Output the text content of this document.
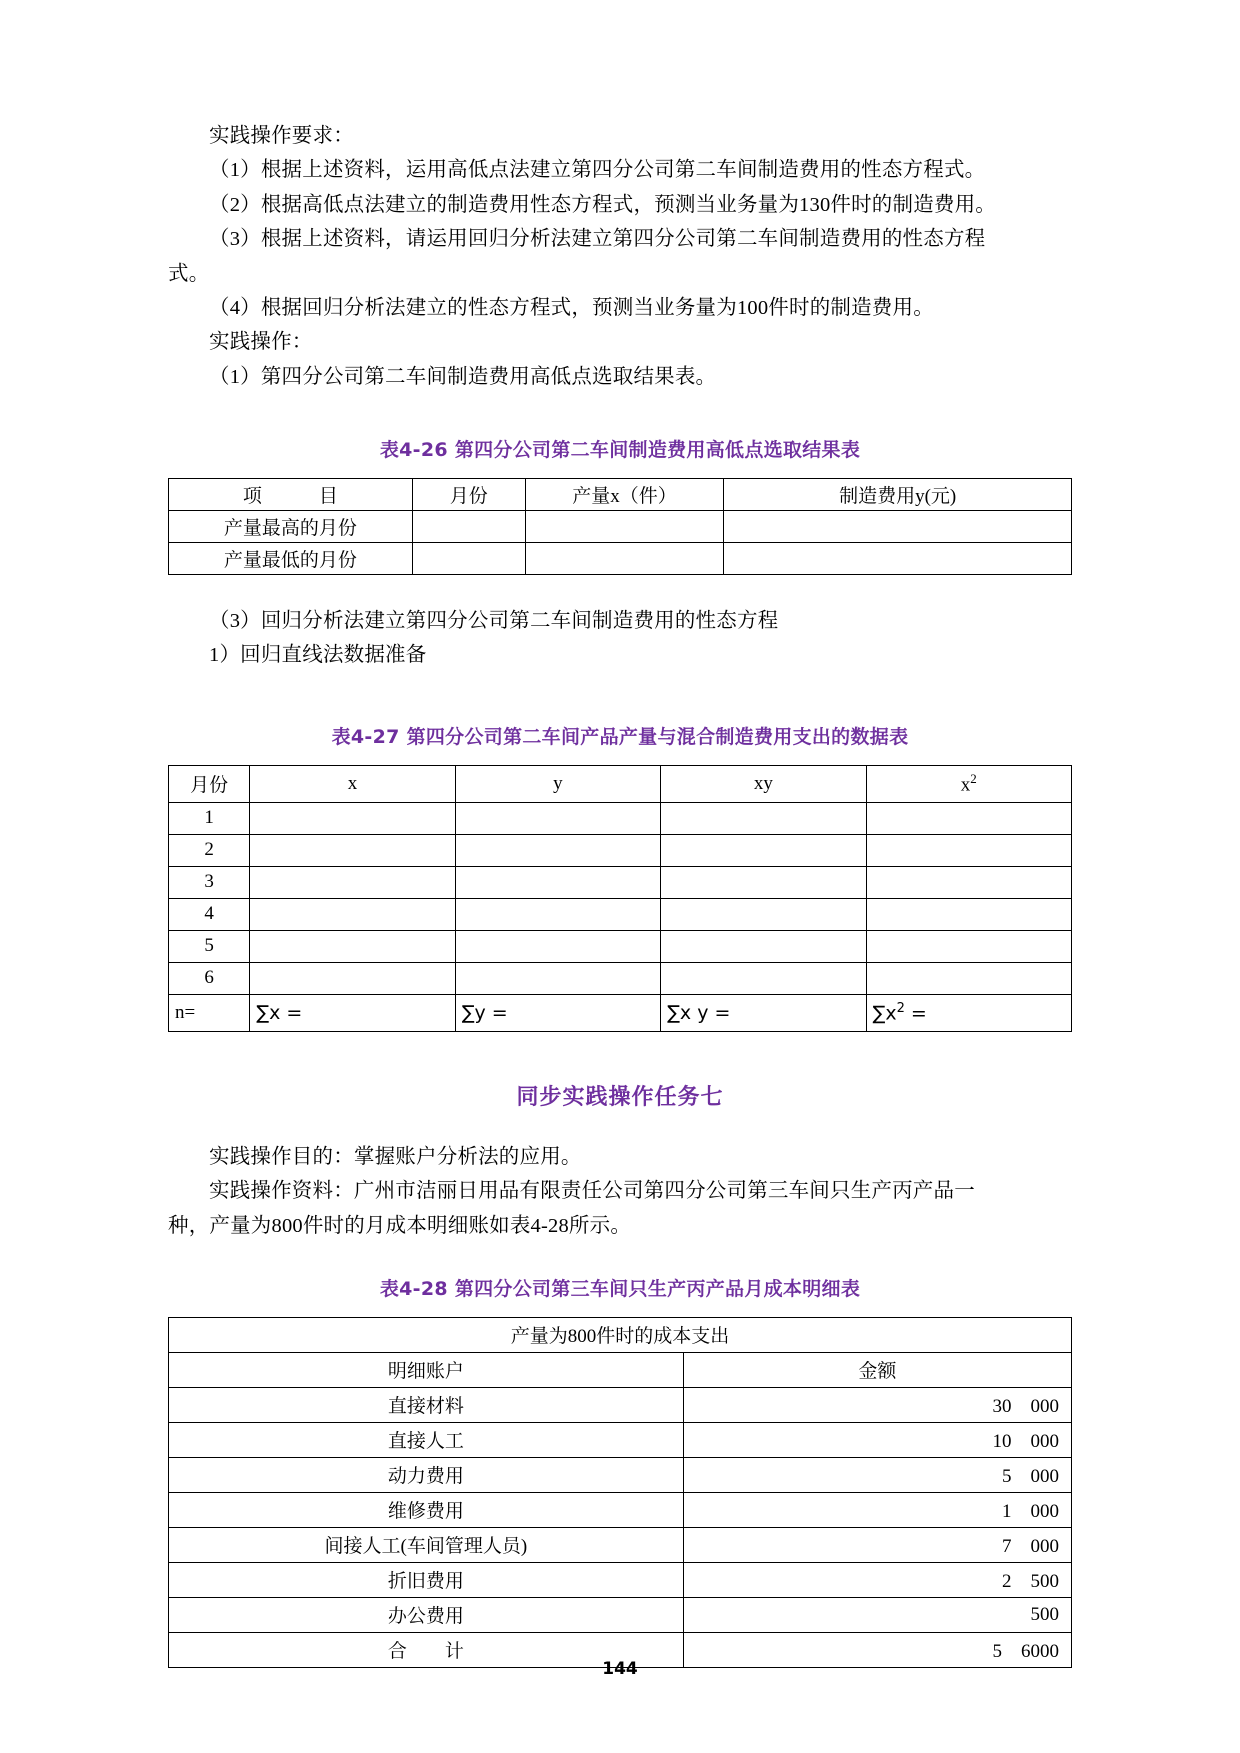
实践操作要求：

（1）根据上述资料，运用高低点法建立第四分公司第二车间制造费用的性态方程式。

（2）根据高低点法建立的制造费用性态方程式，预测当业务量为130件时的制造费用。

（3）根据上述资料，请运用回归分析法建立第四分公司第二车间制造费用的性态方程

式。

（4）根据回归分析法建立的性态方程式，预测当业务量为100件时的制造费用。

实践操作：

（1）第四分公司第二车间制造费用高低点选取结果表。

表4-26 第四分公司第二车间制造费用高低点选取结果表

项　　　目	月份	产量x（件）	制造费用y(元)
产量最高的月份			
产量最低的月份			

（3）回归分析法建立第四分公司第二车间制造费用的性态方程

1）回归直线法数据准备

表4-27 第四分公司第二车间产品产量与混合制造费用支出的数据表

月份	x	y	xy	$x^2$
1				
2				
3				
4				
5				
6				
n=	∑x =	∑y =	∑x y =	$\sum x^2$ =

同步实践操作任务七

实践操作目的：掌握账户分析法的应用。

实践操作资料：广州市洁丽日用品有限责任公司第四分公司第三车间只生产丙产品一

种，产量为800件时的月成本明细账如表4-28所示。

表4-28 第四分公司第三车间只生产丙产品月成本明细表

产量为800件时的成本支出	
明细账户	金额
直接材料	30　000
直接人工	10　000
动力费用	5　000
维修费用	1　000
间接人工(车间管理人员)	7　000
折旧费用	2　500
办公费用	500
合　　计	5　6000
144
